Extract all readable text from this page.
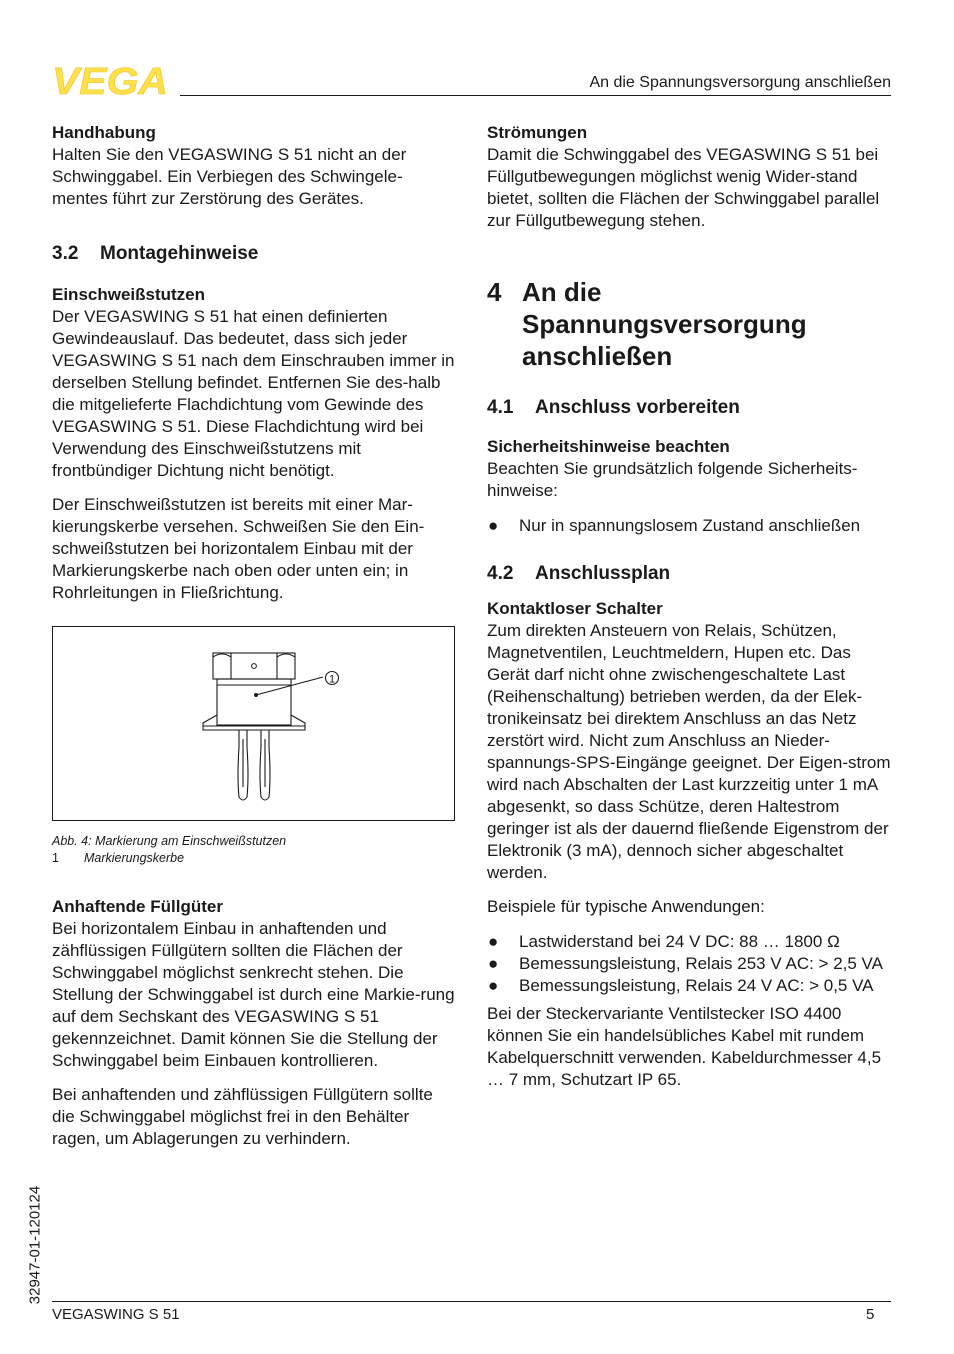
VEGA	An die Spannungsversorgung anschließen
Handhabung

Halten Sie den VEGASWING S 51 nicht an der Schwinggabel. Ein Verbiegen des Schwingele-mentes führt zur Zerstörung des Gerätes.

3.2	Montagehinweise
Einschweißstutzen

Der VEGASWING S 51 hat einen definierten Gewindeauslauf. Das bedeutet, dass sich jeder VEGASWING S 51 nach dem Einschrauben immer in derselben Stellung befindet. Entfernen Sie des-halb die mitgelieferte Flachdichtung vom Gewinde des VEGASWING S 51. Diese Flachdichtung wird bei Verwendung des Einschweißstutzens mit frontbündiger Dichtung nicht benötigt.

Der Einschweißstutzen ist bereits mit einer Mar-kierungskerbe versehen. Schweißen Sie den Ein-schweißstutzen bei horizontalem Einbau mit der Markierungskerbe nach oben oder unten ein; in Rohrleitungen in Fließrichtung.

1
Abb. 4: Markierung am Einschweißstutzen
1	Markierungskerbe
Anhaftende Füllgüter

Bei horizontalem Einbau in anhaftenden und zähflüssigen Füllgütern sollten die Flächen der Schwinggabel möglichst senkrecht stehen. Die Stellung der Schwinggabel ist durch eine Markie-rung auf dem Sechskant des VEGASWING S 51 gekennzeichnet. Damit können Sie die Stellung der Schwinggabel beim Einbauen kontrollieren.

Bei anhaftenden und zähflüssigen Füllgütern sollte die Schwinggabel möglichst frei in den Behälter ragen, um Ablagerungen zu verhindern.

Strömungen

Damit die Schwinggabel des VEGASWING S 51 bei Füllgutbewegungen möglichst wenig Wider-stand bietet, sollten die Flächen der Schwinggabel parallel zur Füllgutbewegung stehen.

4 An die Spannungsversorgung anschließen
4.1	Anschluss vorbereiten
Sicherheitshinweise beachten

Beachten Sie grundsätzlich folgende Sicherheits-hinweise:

● Nur in spannungslosem Zustand anschließen
4.2	Anschlussplan
Kontaktloser Schalter

Zum direkten Ansteuern von Relais, Schützen, Magnetventilen, Leuchtmeldern, Hupen etc. Das Gerät darf nicht ohne zwischengeschaltete Last (Reihenschaltung) betrieben werden, da der Elek-tronikeinsatz bei direktem Anschluss an das Netz zerstört wird. Nicht zum Anschluss an Nieder-spannungs-SPS-Eingänge geeignet. Der Eigen-strom wird nach Abschalten der Last kurzzeitig unter 1 mA abgesenkt, so dass Schütze, deren Haltestrom geringer ist als der dauernd fließende Eigenstrom der Elektronik (3 mA), dennoch sicher abgeschaltet werden.

Beispiele für typische Anwendungen:

● Lastwiderstand bei 24 V DC: 88 … 1800 Ω
● Bemessungsleistung, Relais 253 V AC: > 2,5 VA
● Bemessungsleistung, Relais 24 V AC: > 0,5 VA

Bei der Steckervariante Ventilstecker ISO 4400 können Sie ein handelsübliches Kabel mit rundem Kabelquerschnitt verwenden. Kabeldurchmesser 4,5 … 7 mm, Schutzart IP 65.

32947-01-120124
VEGASWING S 51	5
